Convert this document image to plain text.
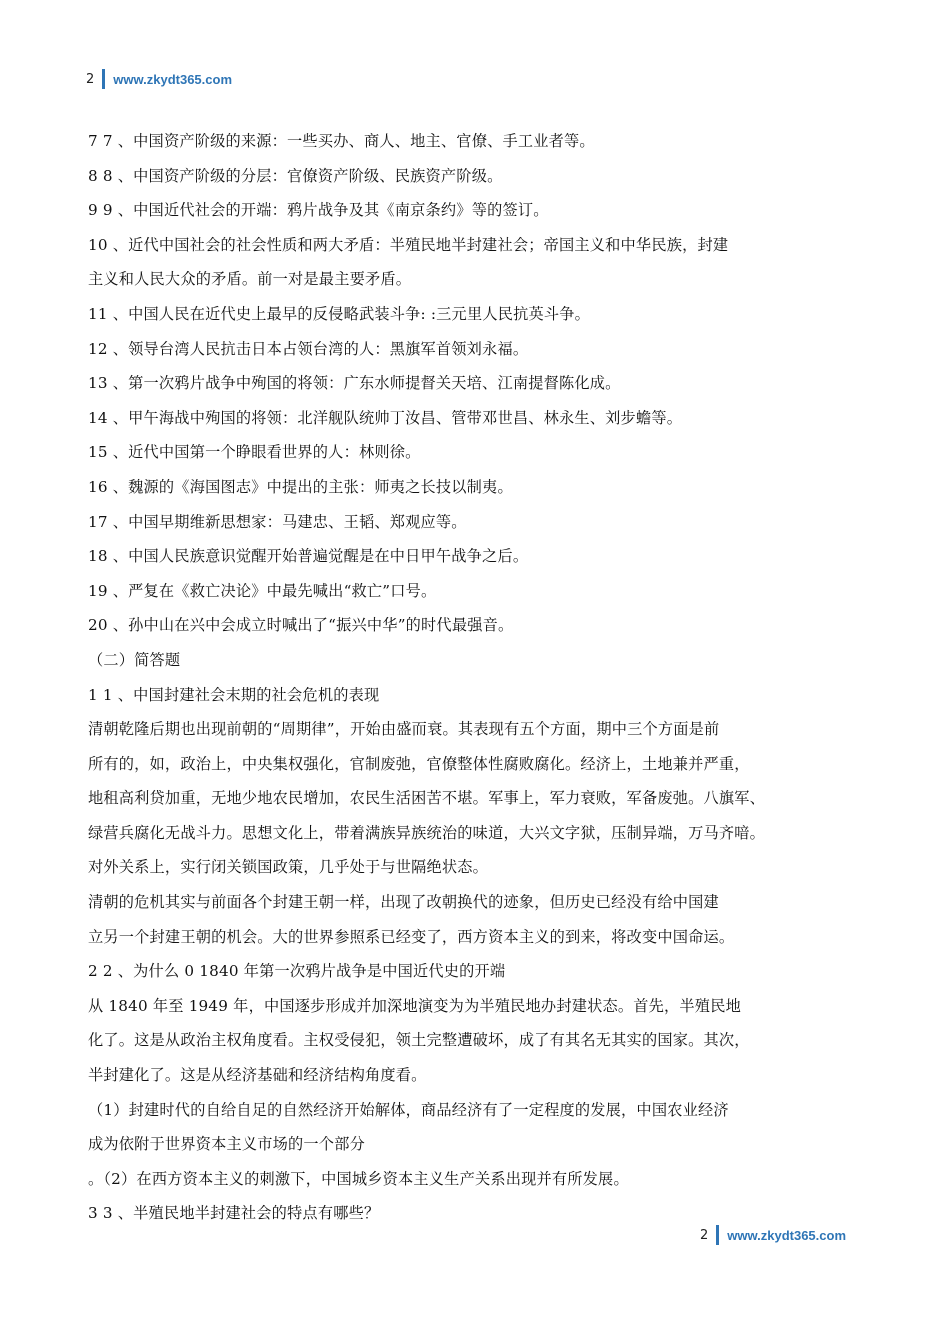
2 www.zkydt365.com
7 7 、中国资产阶级的来源：一些买办、商人、地主、官僚、手工业者等。
8 8 、中国资产阶级的分层：官僚资产阶级、民族资产阶级。
9 9 、中国近代社会的开端：鸦片战争及其《南京条约》等的签订。
10 、近代中国社会的社会性质和两大矛盾：半殖民地半封建社会；帝国主义和中华民族，封建
主义和人民大众的矛盾。前一对是最主要矛盾。
11 、中国人民在近代史上最早的反侵略武装斗争: :三元里人民抗英斗争。
12 、领导台湾人民抗击日本占领台湾的人：黑旗军首领刘永福。
13 、第一次鸦片战争中殉国的将领：广东水师提督关天培、江南提督陈化成。
14 、甲午海战中殉国的将领：北洋舰队统帅丁汝昌、管带邓世昌、林永生、刘步蟾等。
15 、近代中国第一个睁眼看世界的人：林则徐。
16 、魏源的《海国图志》中提出的主张：师夷之长技以制夷。
17 、中国早期维新思想家：马建忠、王韬、郑观应等。
18 、中国人民族意识觉醒开始普遍觉醒是在中日甲午战争之后。
19 、严复在《救亡决论》中最先喊出“救亡”口号。
20 、孙中山在兴中会成立时喊出了“振兴中华”的时代最强音。
（二）简答题
1 1 、中国封建社会末期的社会危机的表现
清朝乾隆后期也出现前朝的“周期律”，开始由盛而衰。其表现有五个方面，期中三个方面是前
所有的，如，政治上，中央集权强化，官制废弛，官僚整体性腐败腐化。经济上，土地兼并严重，
地租高利贷加重，无地少地农民增加，农民生活困苦不堪。军事上，军力衰败，军备废弛。八旗军、
绿营兵腐化无战斗力。思想文化上，带着满族异族统治的味道，大兴文字狱，压制异端，万马齐喑。
对外关系上，实行闭关锁国政策，几乎处于与世隔绝状态。
清朝的危机其实与前面各个封建王朝一样，出现了改朝换代的迹象，但历史已经没有给中国建
立另一个封建王朝的机会。大的世界参照系已经变了，西方资本主义的到来，将改变中国命运。
2 2 、为什么 0 1840 年第一次鸦片战争是中国近代史的开端
从 1840 年至 1949 年，中国逐步形成并加深地演变为为半殖民地办封建状态。首先，半殖民地
化了。这是从政治主权角度看。主权受侵犯，领土完整遭破坏，成了有其名无其实的国家。其次，
半封建化了。这是从经济基础和经济结构角度看。
（1）封建时代的自给自足的自然经济开始解体，商品经济有了一定程度的发展，中国农业经济
成为依附于世界资本主义市场的一个部分
。（2）在西方资本主义的刺激下，中国城乡资本主义生产关系出现并有所发展。
3 3 、半殖民地半封建社会的特点有哪些？
2 www.zkydt365.com
